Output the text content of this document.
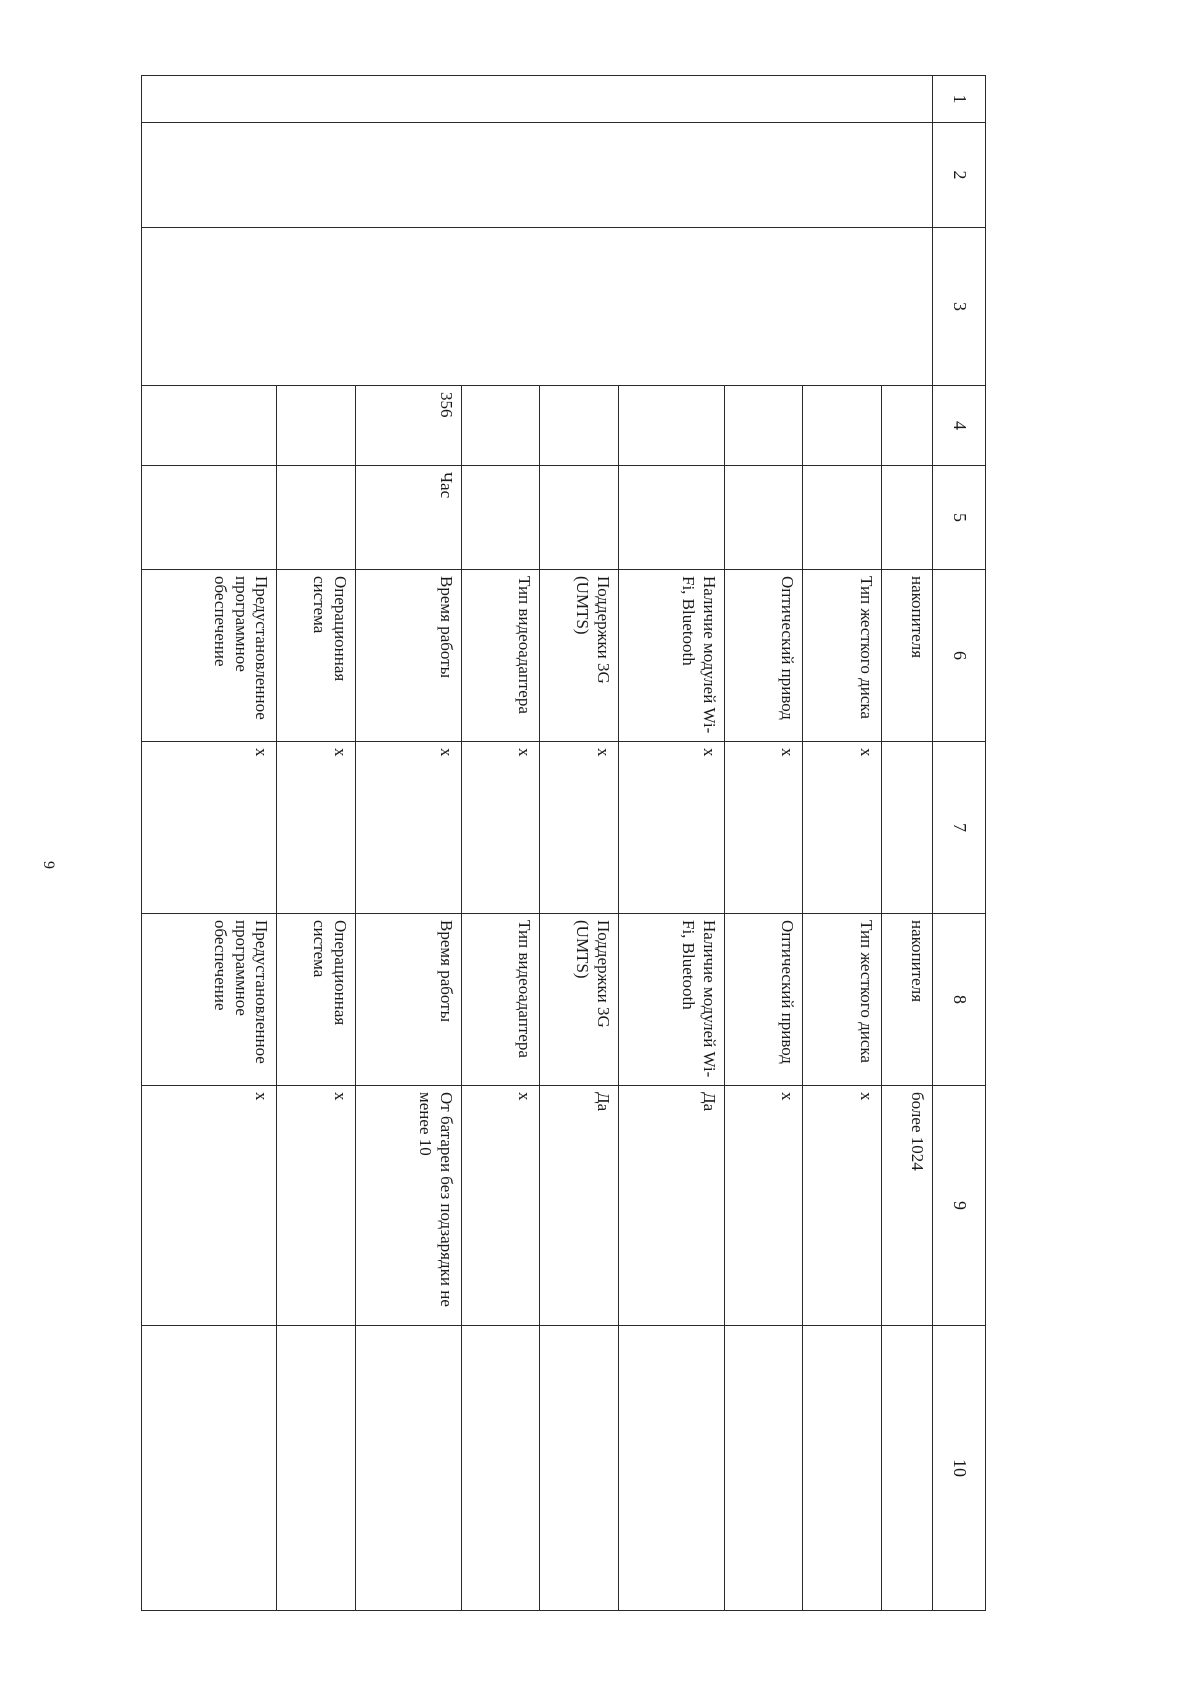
9
1	2	3	4	5	6	7	8	9	10
					накопителя		накопителя	более 1024	
					Тип жесткого диска	x	Тип жесткого диска	x	
					Оптический привод	x	Оптический привод	x	
					Наличие модулей Wi-Fi, Bluetooth	x	Наличие модулей Wi-Fi, Bluetooth	Да	
					Поддержки 3G (UMTS)	x	Поддержки 3G (UMTS)	Да	
					Тип видеоадаптера	x	Тип видеоадаптера	x	
			356	Час	Время работы	x	Время работы	От батареи без подзарядки не менее 10	
					Операционная система	x	Операционная система	x	
					Предустановленное программное обеспечение	x	Предустановленное программное обеспечение	x	
